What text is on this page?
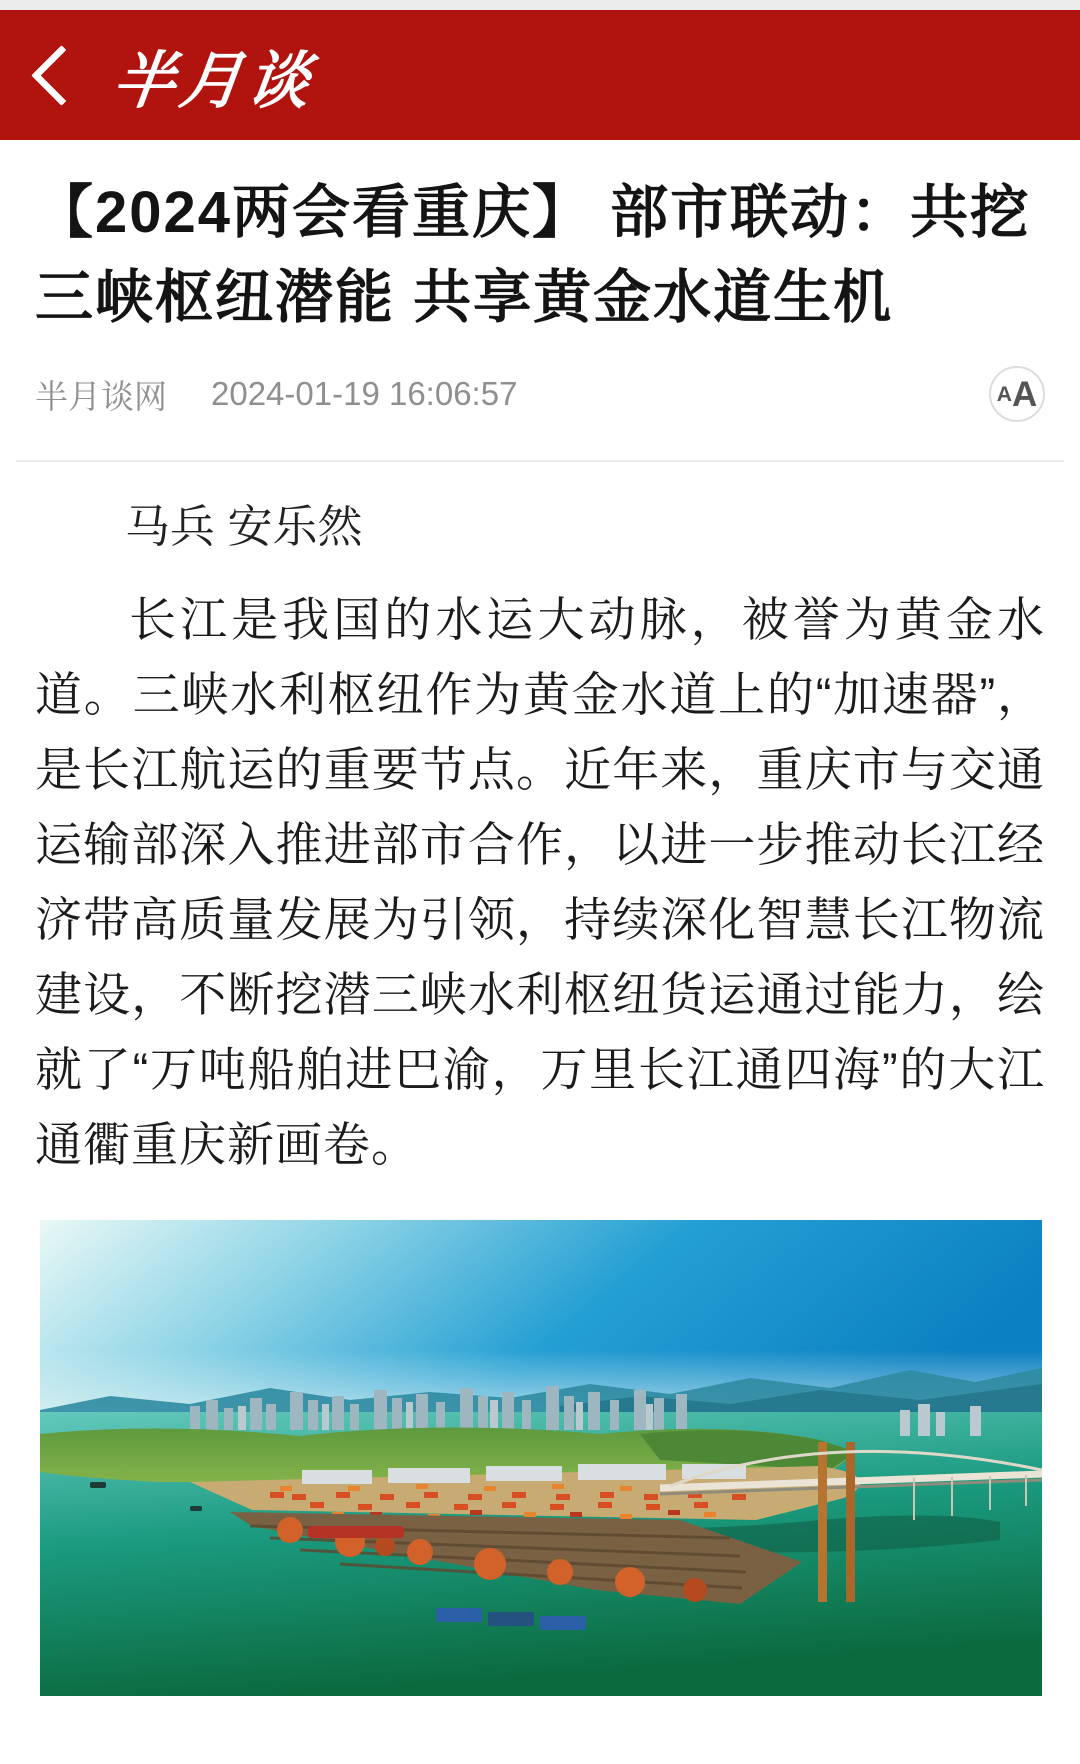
半月谈
【2024两会看重庆】 部市联动：共挖三峡枢纽潜能 共享黄金水道生机
半月谈网 2024-01-19 16:06:57	A A

马兵 安乐然

长江是我国的水运大动脉，被誉为黄金水道。三峡水利枢纽作为黄金水道上的“加速器”，是长江航运的重要节点。近年来，重庆市与交通运输部深入推进部市合作，以进一步推动长江经济带高质量发展为引领，持续深化智慧长江物流建设，不断挖潜三峡水利枢纽货运通过能力，绘就了“万吨船舶进巴渝，万里长江通四海”的大江通衢重庆新画卷。
